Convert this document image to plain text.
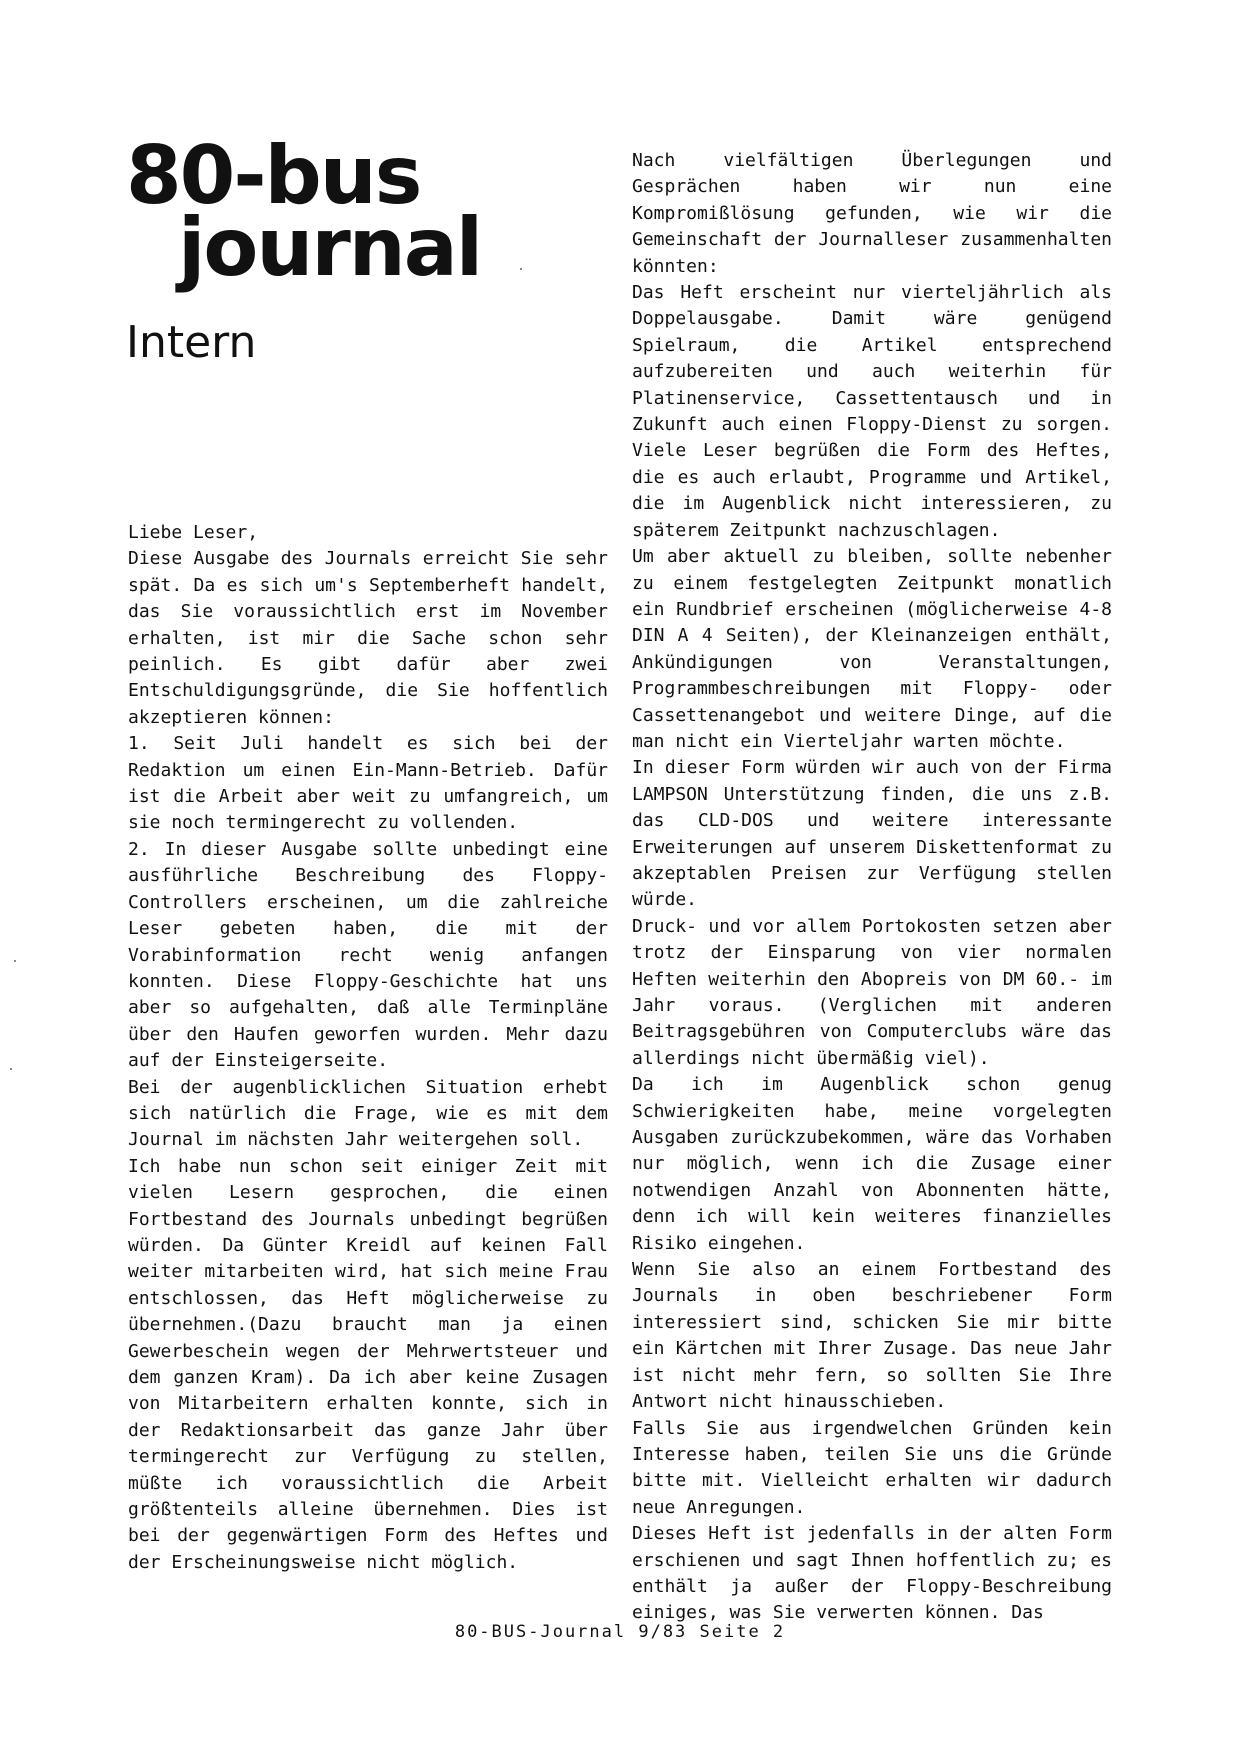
80-bus
journal
Intern

Liebe Leser,

Diese Ausgabe des Journals erreicht Sie sehr spät. Da es sich um's Septemberheft handelt, das Sie voraussichtlich erst im November erhalten, ist mir die Sache schon sehr peinlich. Es gibt dafür aber zwei Entschuldigungsgründe, die Sie hoffentlich akzeptieren können:

1. Seit Juli handelt es sich bei der Redaktion um einen Ein-Mann-Betrieb. Dafür ist die Arbeit aber weit zu umfangreich, um sie noch termingerecht zu vollenden.

2. In dieser Ausgabe sollte unbedingt eine ausführliche Beschreibung des Floppy-Controllers erscheinen, um die zahlreiche Leser gebeten haben, die mit der Vorabinformation recht wenig anfangen konnten. Diese Floppy-Geschichte hat uns aber so aufgehalten, daß alle Terminpläne über den Haufen geworfen wurden. Mehr dazu auf der Einsteigerseite.

Bei der augenblicklichen Situation erhebt sich natürlich die Frage, wie es mit dem Journal im nächsten Jahr weitergehen soll.

Ich habe nun schon seit einiger Zeit mit vielen Lesern gesprochen, die einen Fortbestand des Journals unbedingt begrüßen würden. Da Günter Kreidl auf keinen Fall weiter mitarbeiten wird, hat sich meine Frau entschlossen, das Heft möglicherweise zu übernehmen.(Dazu braucht man ja einen Gewerbeschein wegen der Mehrwertsteuer und dem ganzen Kram). Da ich aber keine Zusagen von Mitarbeitern erhalten konnte, sich in der Redaktionsarbeit das ganze Jahr über termingerecht zur Verfügung zu stellen, müßte ich voraussichtlich die Arbeit größtenteils alleine übernehmen. Dies ist bei der gegenwärtigen Form des Heftes und der Erscheinungsweise nicht möglich.

Nach vielfältigen Überlegungen und Gesprächen haben wir nun eine Kompromißlösung gefunden, wie wir die Gemeinschaft der Journalleser zusammenhalten könnten:

Das Heft erscheint nur vierteljährlich als Doppelausgabe. Damit wäre genügend Spielraum, die Artikel entsprechend aufzubereiten und auch weiterhin für Platinenservice, Cassettentausch und in Zukunft auch einen Floppy-Dienst zu sorgen. Viele Leser begrüßen die Form des Heftes, die es auch erlaubt, Programme und Artikel, die im Augenblick nicht interessieren, zu späterem Zeitpunkt nachzuschlagen.

Um aber aktuell zu bleiben, sollte nebenher zu einem festgelegten Zeitpunkt monatlich ein Rundbrief erscheinen (möglicherweise 4-8 DIN A 4 Seiten), der Kleinanzeigen enthält, Ankündigungen von Veranstaltungen, Programmbeschreibungen mit Floppy- oder Cassettenangebot und weitere Dinge, auf die man nicht ein Vierteljahr warten möchte.

In dieser Form würden wir auch von der Firma LAMPSON Unterstützung finden, die uns z.B. das CLD-DOS und weitere interessante Erweiterungen auf unserem Diskettenformat zu akzeptablen Preisen zur Verfügung stellen würde.

Druck- und vor allem Portokosten setzen aber trotz der Einsparung von vier normalen Heften weiterhin den Abopreis von DM 60.- im Jahr voraus. (Verglichen mit anderen Beitragsgebühren von Computerclubs wäre das allerdings nicht übermäßig viel).

Da ich im Augenblick schon genug Schwierigkeiten habe, meine vorgelegten Ausgaben zurückzubekommen, wäre das Vorhaben nur möglich, wenn ich die Zusage einer notwendigen Anzahl von Abonnenten hätte, denn ich will kein weiteres finanzielles Risiko eingehen.

Wenn Sie also an einem Fortbestand des Journals in oben beschriebener Form interessiert sind, schicken Sie mir bitte ein Kärtchen mit Ihrer Zusage. Das neue Jahr ist nicht mehr fern, so sollten Sie Ihre Antwort nicht hinausschieben.

Falls Sie aus irgendwelchen Gründen kein Interesse haben, teilen Sie uns die Gründe bitte mit. Vielleicht erhalten wir dadurch neue Anregungen.

Dieses Heft ist jedenfalls in der alten Form erschienen und sagt Ihnen hoffentlich zu; es enthält ja außer der Floppy-Beschreibung einiges, was Sie verwerten können. Das

80-BUS-Journal 9/83 Seite 2
